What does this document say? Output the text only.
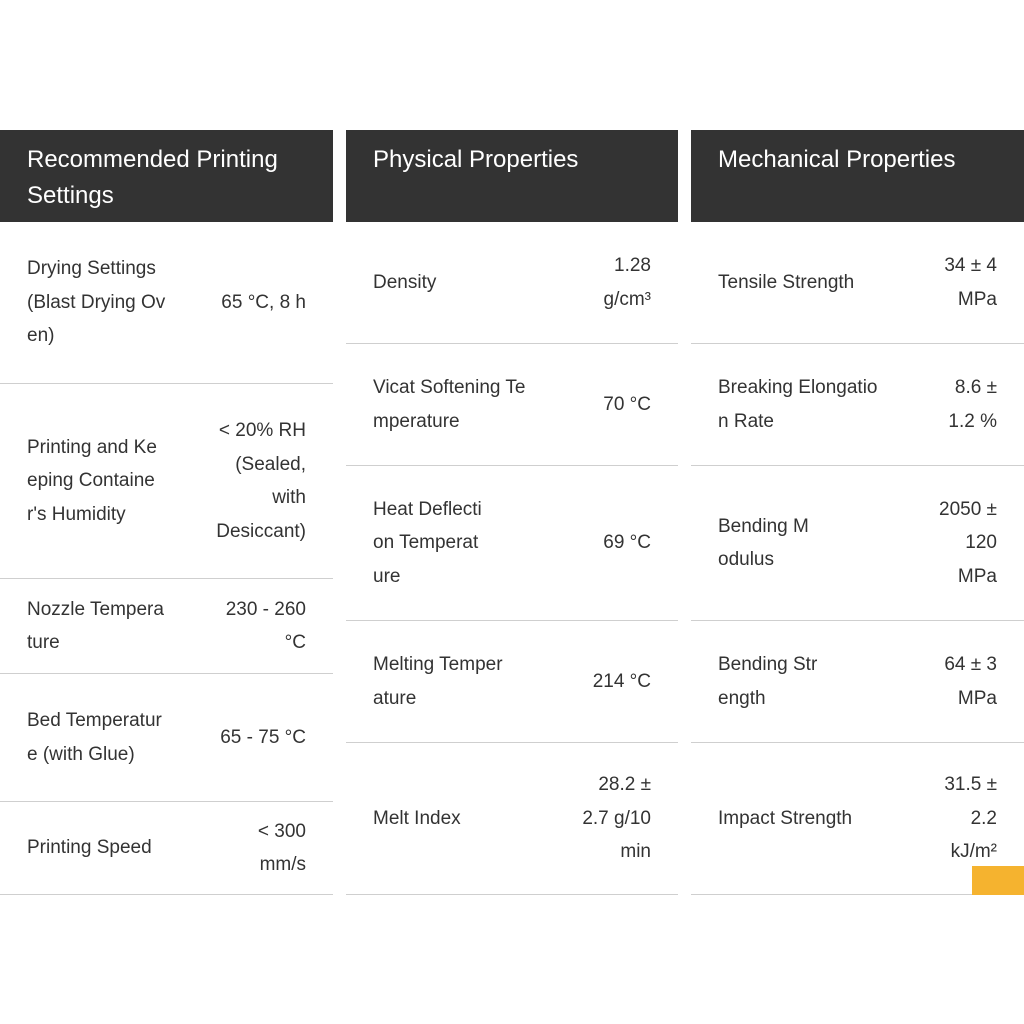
Recommended Printing Settings
Drying Settings (Blast Drying Oven)
65 °C, 8 h
Printing and Keeping Container's Humidity
< 20% RH (Sealed, with Desiccant)
Nozzle Temperature
230 - 260 °C
Bed Temperature (with Glue)
65 - 75 °C
Printing Speed
< 300 mm/s
Physical Properties
Density
1.28 g/cm³
Vicat Softening Temperature
70 °C
Heat Deflection Temperature
69 °C
Melting Temperature
214 °C
Melt Index
28.2 ± 2.7 g/10 min
Mechanical Properties
Tensile Strength
34 ± 4 MPa
Breaking Elongation Rate
8.6 ± 1.2 %
Bending Modulus
2050 ± 120 MPa
Bending Strength
64 ± 3 MPa
Impact Strength
31.5 ± 2.2 kJ/m²
